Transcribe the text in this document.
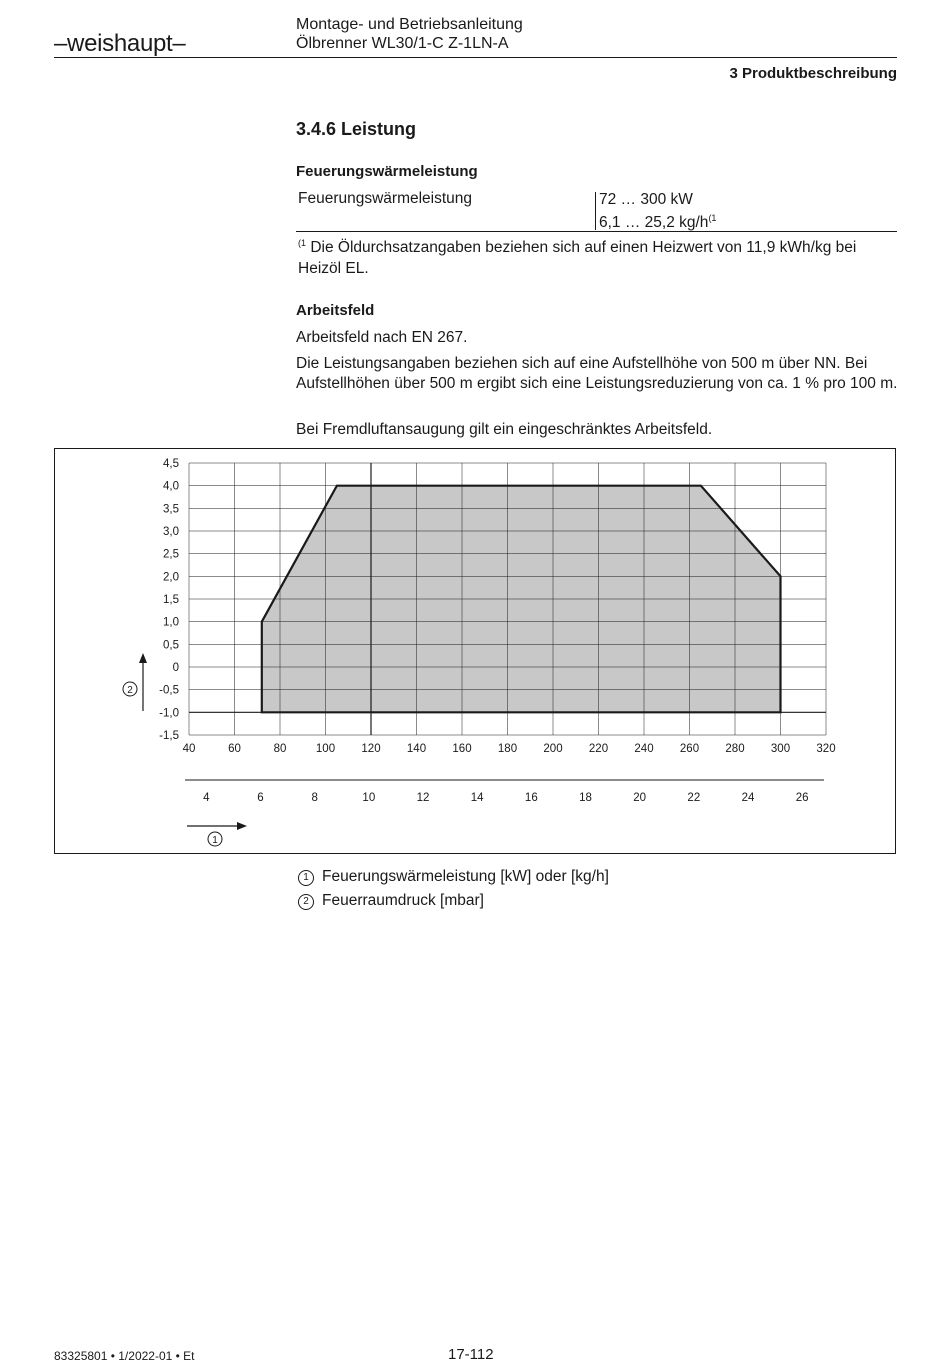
–weishaupt–
Montage- und Betriebsanleitung
Ölbrenner WL30/1-C Z-1LN-A
3 Produktbeschreibung
3.4.6 Leistung
Feuerungswärmeleistung
Feuerungswärmeleistung	72 … 300 kW
6,1 … 25,2 $kg/h^{(1}$
$^{(1}$ Die Öldurchsatzangaben beziehen sich auf einen Heizwert von 11,9 kWh/kg bei Heizöl EL.
Arbeitsfeld
Arbeitsfeld nach EN 267.
Die Leistungsangaben beziehen sich auf eine Aufstellhöhe von 500 m über NN. Bei Aufstellhöhen über 500 m ergibt sich eine Leistungsreduzierung von ca. 1 % pro 100 m.
Bei Fremdluftansaugung gilt ein eingeschränktes Arbeitsfeld.
40	60	80	100 120 140 160 180 200 220 240 260 280 300 320
4,5
4,0
3,5
3,0
2,5
2,0
1,5
1,0
0,5
0
-0,5
-1,0
-1,5
4	6	8	10	12	14	16	18	20	22	24	26
1
2
1 Feuerungswärmeleistung [kW] oder [kg/h]
2 Feuerraumdruck [mbar]
83325801 • 1/2022-01 • Et	17-112
